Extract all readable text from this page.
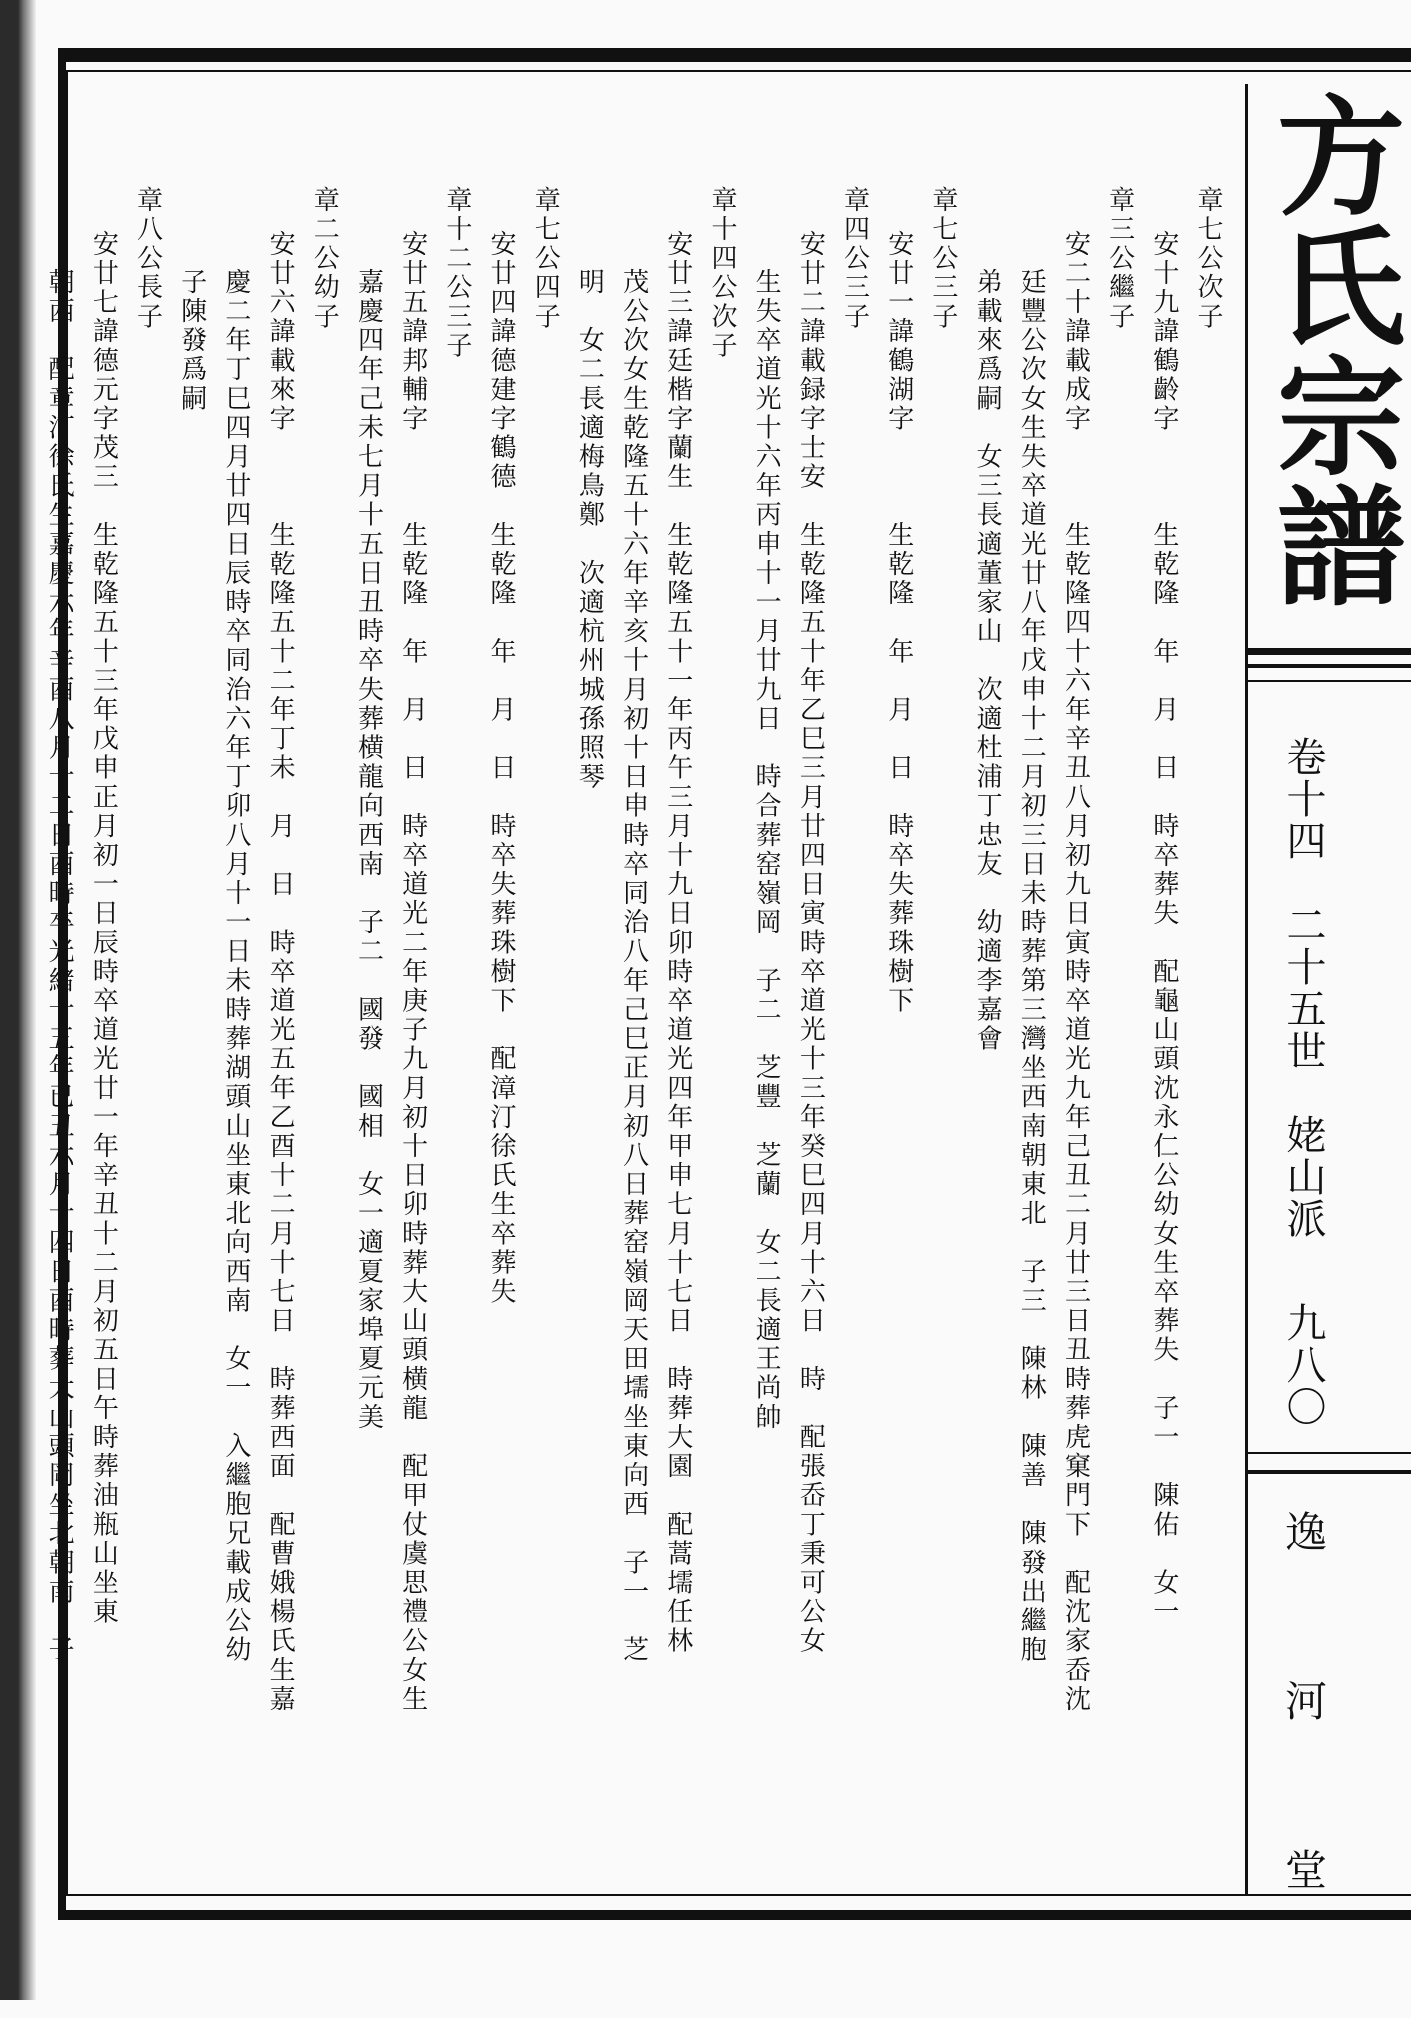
方氏宗譜
卷十四　二十五世　姥山派
九八〇
逸
河
堂
章七公次子
安十九諱鶴齡字　　　生乾隆　年　月　日　時卒葬失　配龜山頭沈永仁公幼女生卒葬失　子一　陳佑　女一
章三公繼子
安二十諱載成字　　　生乾隆四十六年辛丑八月初九日寅時卒道光九年己丑二月廿三日丑時葬虎窠門下　配沈家岙沈
廷豐公次女生失卒道光廿八年戊申十二月初三日未時葬第三灣坐西南朝東北　子三　陳林　陳善　陳發出繼胞
弟載來爲嗣　女三長適董家山　次適杜浦丁忠友　幼適李嘉會
章七公三子
安廿一諱鶴湖字　　　生乾隆　年　月　日　時卒失葬珠樹下
章四公三子
安廿二諱載録字士安　生乾隆五十年乙巳三月廿四日寅時卒道光十三年癸巳四月十六日　時　配張岙丁秉可公女
生失卒道光十六年丙申十一月廿九日　時合葬窑嶺岡　子二　芝豐　芝蘭　女二長適王尚帥
章十四公次子
安廿三諱廷楷字蘭生　生乾隆五十一年丙午三月十九日卯時卒道光四年甲申七月十七日　時葬大園　配蒿壖任林
茂公次女生乾隆五十六年辛亥十月初十日申時卒同治八年己巳正月初八日葬窑嶺岡天田壖坐東向西　子一　芝
明　女二長適梅鳥鄭　次適杭州城孫照琴
章七公四子
安廿四諱德建字鶴德　生乾隆　年　月　日　時卒失葬珠樹下　配漳汀徐氏生卒葬失
章十二公三子
安廿五諱邦輔字　　　生乾隆　年　月　日　時卒道光二年庚子九月初十日卯時葬大山頭横龍　配甲仗虞思禮公女生
嘉慶四年己未七月十五日丑時卒失葬横龍向西南　子二　國發　國相　女一適夏家埠夏元美
章二公幼子
安廿六諱載來字　　　生乾隆五十二年丁未　月　日　時卒道光五年乙酉十二月十七日　時葬西面　配曹娥楊氏生嘉
慶二年丁巳四月廿四日辰時卒同治六年丁卯八月十一日未時葬湖頭山坐東北向西南　女一　入繼胞兄載成公幼
子陳發爲嗣
章八公長子
安廿七諱德元字茂三　生乾隆五十三年戊申正月初一日辰時卒道光廿一年辛丑十二月初五日午時葬油瓶山坐東
朝西　配章汀徐氏生嘉慶六年辛酉八月十二日酉時卒光緒十五年已丑六月十四日酉時葬大山頭岡坐北朝南　子
